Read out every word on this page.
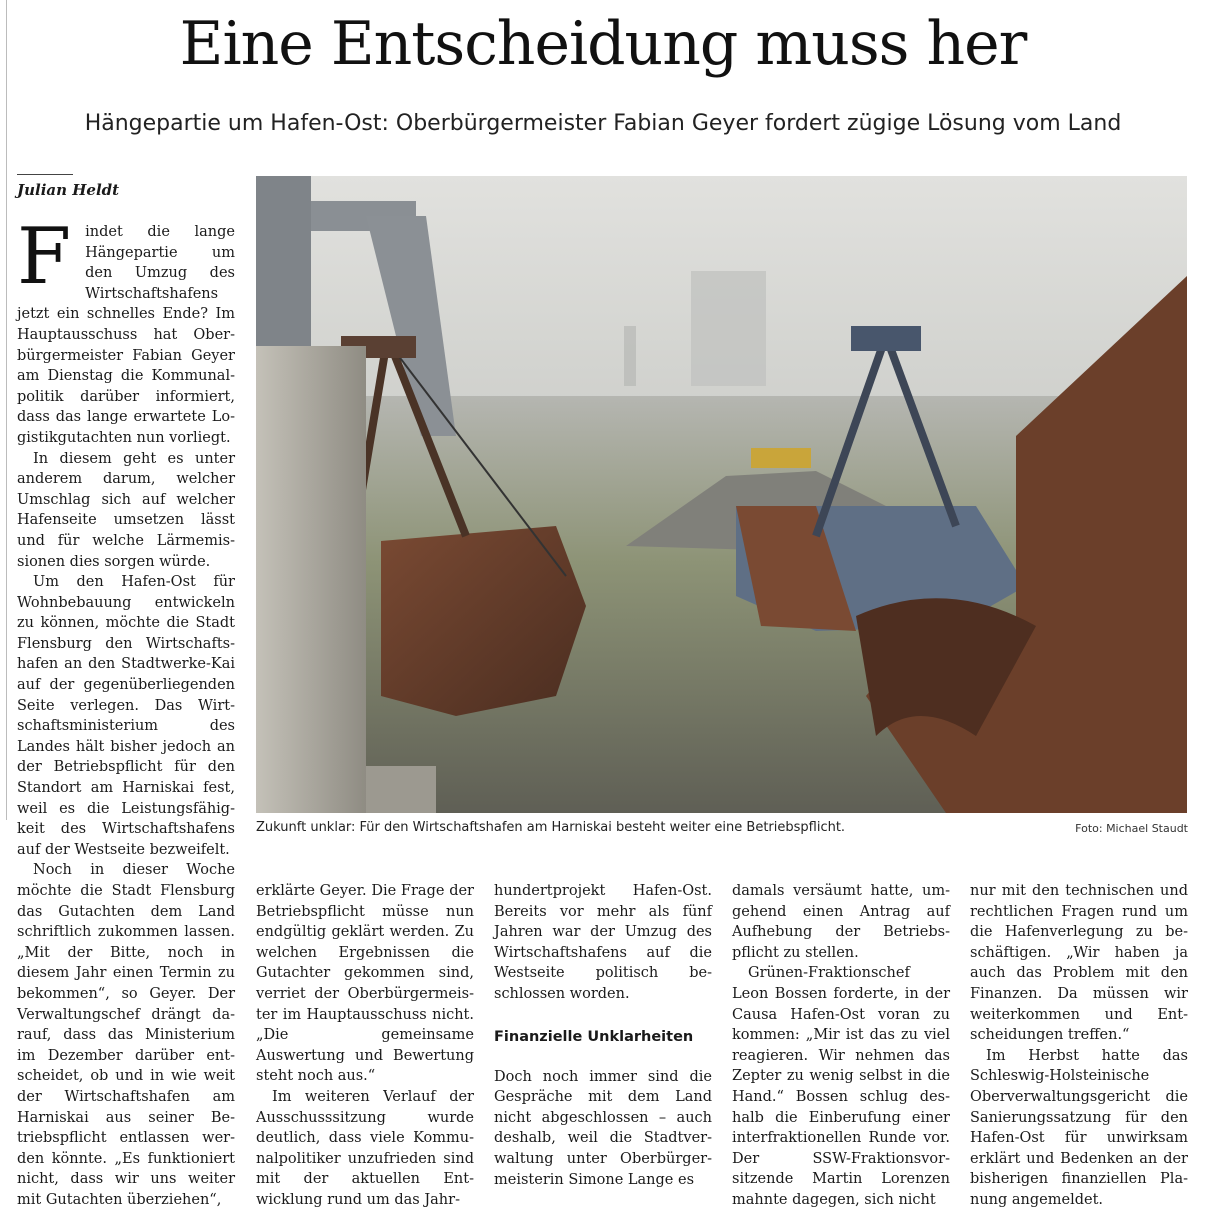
Eine Entscheidung muss her
Hängepartie um Hafen-Ost: Oberbürgermeister Fabian Geyer fordert zügige Lösung vom Land
Julian Heldt

Findet die lange Hängepartie um den Umzug des Wirtschaftshafens jetzt ein schnelles Ende? Im Hauptausschuss hat Oberbürgermeister Fabian Geyer am Dienstag die Kommunalpolitik darüber informiert, dass das lange erwartete Logistikgutachten nun vorliegt.

In diesem geht es unter anderem darum, welcher Umschlag sich auf welcher Hafenseite umsetzen lässt und für welche Lärmemissionen dies sorgen würde.

Um den Hafen-Ost für Wohnbebauung entwickeln zu können, möchte die Stadt Flensburg den Wirtschaftshafen an den Stadtwerke-Kai auf der gegenüberliegenden Seite verlegen. Das Wirtschaftsministerium des Landes hält bisher jedoch an der Betriebspflicht für den Standort am Harniskai fest, weil es die Leistungsfähigkeit des Wirtschaftshafens auf der Westseite bezweifelt.

Noch in dieser Woche möchte die Stadt Flensburg das Gutachten dem Land schriftlich zukommen lassen. „Mit der Bitte, noch in diesem Jahr einen Termin zu bekommen“, so Geyer. Der Verwaltungschef drängt darauf, dass das Ministerium im Dezember darüber entscheidet, ob und in wie weit der Wirtschaftshafen am Harniskai aus seiner Betriebspflicht entlassen werden könnte. „Es funktioniert nicht, dass wir uns weiter mit Gutachten überziehen“,

Zukunft unklar: Für den Wirtschaftshafen am Harniskai besteht weiter eine Betriebspflicht.	Foto: Michael Staudt

erklärte Geyer. Die Frage der Betriebspflicht müsse nun endgültig geklärt werden. Zu welchen Ergebnissen die Gutachter gekommen sind, verriet der Oberbürgermeister im Hauptausschuss nicht. „Die gemeinsame Auswertung und Bewertung steht noch aus.“

Im weiteren Verlauf der Ausschusssitzung wurde deutlich, dass viele Kommunalpolitiker unzufrieden sind mit der aktuellen Entwicklung rund um das Jahr-

hundertprojekt Hafen-Ost. Bereits vor mehr als fünf Jahren war der Umzug des Wirtschaftshafens auf die Westseite politisch beschlossen worden.

Finanzielle Unklarheiten

Doch noch immer sind die Gespräche mit dem Land nicht abgeschlossen – auch deshalb, weil die Stadtverwaltung unter Oberbürgermeisterin Simone Lange es

damals versäumt hatte, umgehend einen Antrag auf Aufhebung der Betriebspflicht zu stellen.

Grünen-Fraktionschef Leon Bossen forderte, in der Causa Hafen-Ost voran zu kommen: „Mir ist das zu viel reagieren. Wir nehmen das Zepter zu wenig selbst in die Hand.“ Bossen schlug deshalb die Einberufung einer interfraktionellen Runde vor. Der SSW-Fraktionsvorsitzende Martin Lorenzen mahnte dagegen, sich nicht

nur mit den technischen und rechtlichen Fragen rund um die Hafenverlegung zu beschäftigen. „Wir haben ja auch das Problem mit den Finanzen. Da müssen wir weiterkommen und Entscheidungen treffen.“

Im Herbst hatte das Schleswig-Holsteinische Oberverwaltungsgericht die Sanierungssatzung für den Hafen-Ost für unwirksam erklärt und Bedenken an der bisherigen finanziellen Planung angemeldet.
